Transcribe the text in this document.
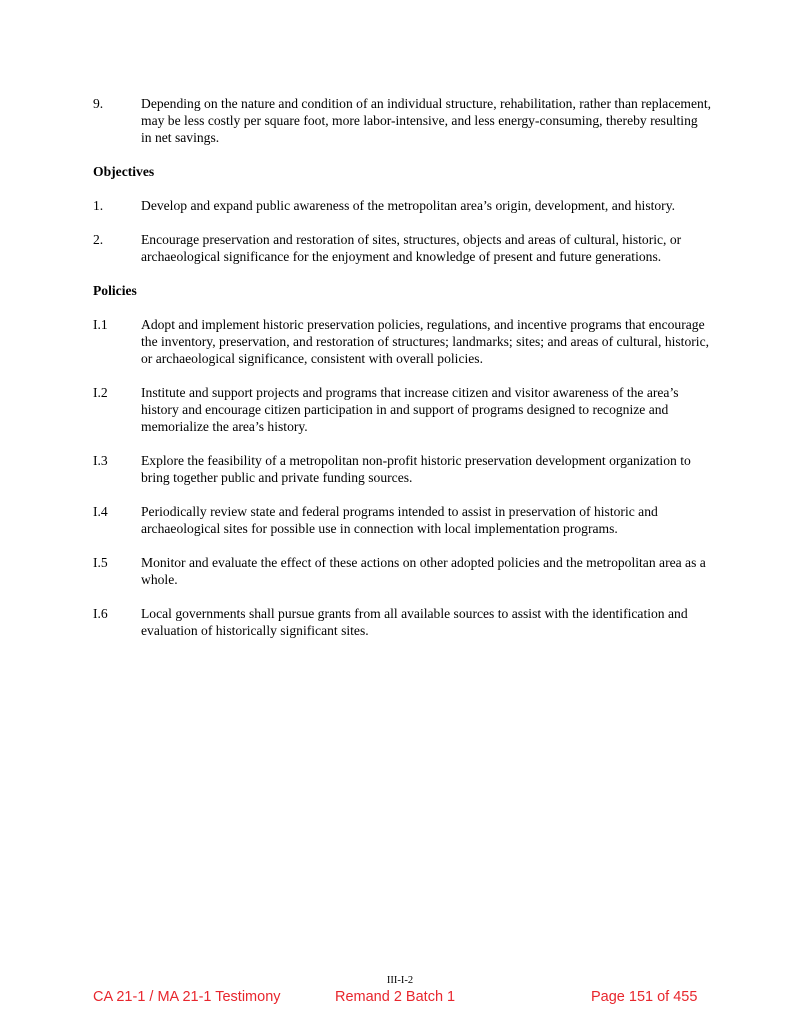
9.	Depending on the nature and condition of an individual structure, rehabilitation, rather than replacement, may be less costly per square foot, more labor-intensive, and less energy-consuming, thereby resulting in net savings.
Objectives
1.	Develop and expand public awareness of the metropolitan area’s origin, development, and history.
2.	Encourage preservation and restoration of sites, structures, objects and areas of cultural, historic, or archaeological significance for the enjoyment and knowledge of present and future generations.
Policies
I.1 Adopt and implement historic preservation policies, regulations, and incentive programs that encourage the inventory, preservation, and restoration of structures; landmarks; sites; and areas of cultural, historic, or archaeological significance, consistent with overall policies.
I.2 Institute and support projects and programs that increase citizen and visitor awareness of the area’s history and encourage citizen participation in and support of programs designed to recognize and memorialize the area’s history.
I.3 Explore the feasibility of a metropolitan non-profit historic preservation development organization to bring together public and private funding sources.
I.4 Periodically review state and federal programs intended to assist in preservation of historic and archaeological sites for possible use in connection with local implementation programs.
I.5 Monitor and evaluate the effect of these actions on other adopted policies and the metropolitan area as a whole.
I.6 Local governments shall pursue grants from all available sources to assist with the identification and evaluation of historically significant sites.
III-I-2
CA 21-1 / MA 21-1 Testimony	Remand 2 Batch 1	Page 151 of 455
